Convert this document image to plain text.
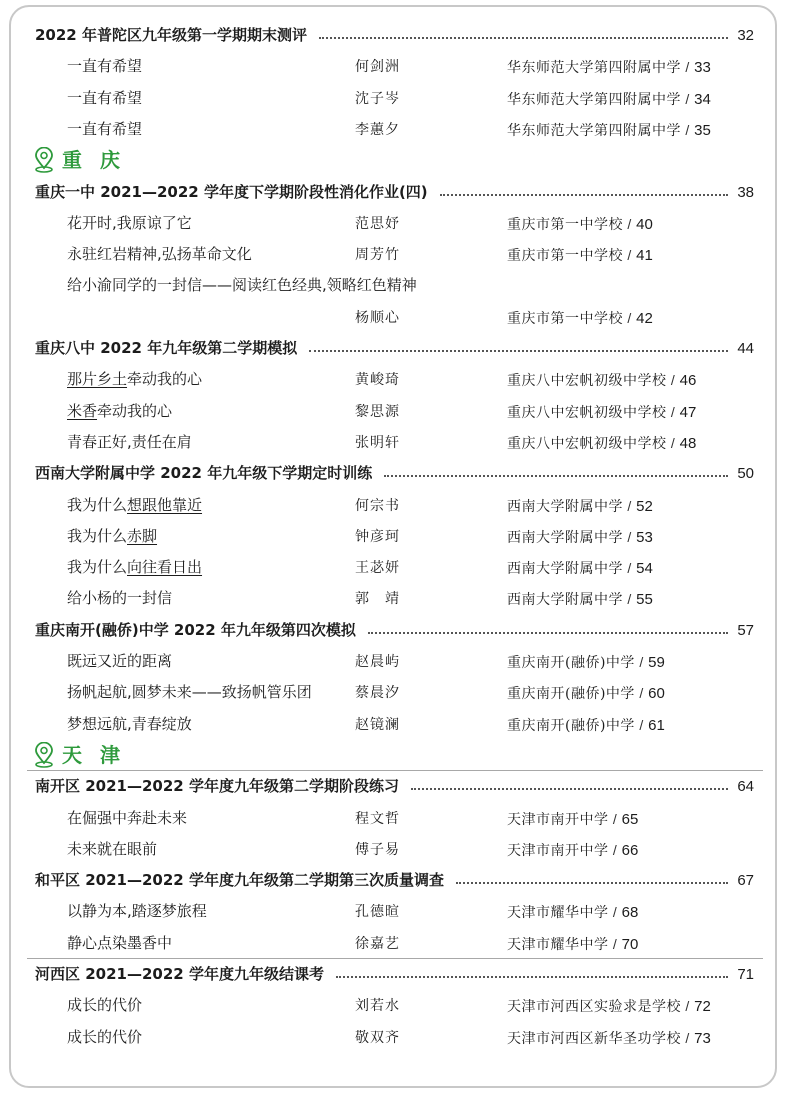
2022 年普陀区九年级第一学期期末测评	32
一直有希望	何剑洲	华东师范大学第四附属中学 / 33
一直有希望	沈子岑	华东师范大学第四附属中学 / 34
一直有希望	李蕙夕	华东师范大学第四附属中学 / 35
重庆
重庆一中 2021—2022 学年度下学期阶段性消化作业(四)	38
花开时,我原谅了它	范思妤	重庆市第一中学校 / 40
永驻红岩精神,弘扬革命文化	周芳竹	重庆市第一中学校 / 41
给小渝同学的一封信——阅读红色经典,领略红色精神
杨顺心	重庆市第一中学校 / 42
重庆八中 2022 年九年级第二学期模拟	44
那片乡土牵动我的心	黄峻琦	重庆八中宏帆初级中学校 / 46
米香牵动我的心	黎思源	重庆八中宏帆初级中学校 / 47
青春正好,责任在肩	张明轩	重庆八中宏帆初级中学校 / 48
西南大学附属中学 2022 年九年级下学期定时训练	50
我为什么想跟他靠近	何宗书	西南大学附属中学 / 52
我为什么赤脚	钟彦珂	西南大学附属中学 / 53
我为什么向往看日出	王苾妍	西南大学附属中学 / 54
给小杨的一封信	郭　靖	西南大学附属中学 / 55
重庆南开(融侨)中学 2022 年九年级第四次模拟	57
既远又近的距离	赵晨屿	重庆南开(融侨)中学 / 59
扬帆起航,圆梦未来——致扬帆管乐团	蔡晨汐	重庆南开(融侨)中学 / 60
梦想远航,青春绽放	赵镜澜	重庆南开(融侨)中学 / 61
天津
南开区 2021—2022 学年度九年级第二学期阶段练习	64
在倔强中奔赴未来	程文哲	天津市南开中学 / 65
未来就在眼前	傅子易	天津市南开中学 / 66
和平区 2021—2022 学年度九年级第二学期第三次质量调查	67
以静为本,踏逐梦旅程	孔德暄	天津市耀华中学 / 68
静心点染墨香中	徐嘉艺	天津市耀华中学 / 70
河西区 2021—2022 学年度九年级结课考	71
成长的代价	刘若水	天津市河西区实验求是学校 / 72
成长的代价	敬双齐	天津市河西区新华圣功学校 / 73
